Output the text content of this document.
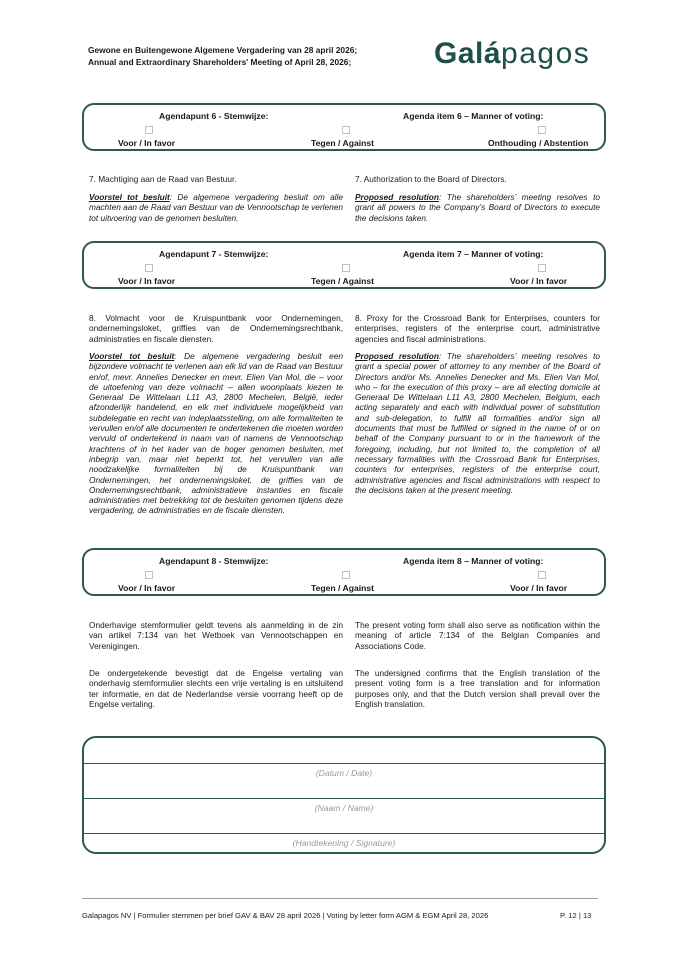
Gewone en Buitengewone Algemene Vergadering van 28 april 2026;
Annual and Extraordinary Shareholders' Meeting of April 28, 2026;	Galápagos
Agendapunt 6 - Stemwijze:	Agenda item 6 – Manner of voting:
Voor / In favor	Tegen / Against	Onthouding / Abstention
7. Machtiging aan de Raad van Bestuur.	7. Authorization to the Board of Directors.
Voorstel tot besluit: De algemene vergadering besluit om alle machten aan de Raad van Bestuur van de Vennootschap te verlenen tot uitvoering van de genomen besluiten.
Proposed resolution: The shareholders’ meeting resolves to grant all powers to the Company’s Board of Directors to execute the decisions taken.
Agendapunt 7 - Stemwijze:	Agenda item 7 – Manner of voting:
Voor / In favor	Tegen / Against	Voor / In favor
8. Volmacht voor de Kruispuntbank voor Ondernemingen, ondernemingsloket, griffies van de Ondernemingsrechtbank, administraties en fiscale diensten.
8. Proxy for the Crossroad Bank for Enterprises, counters for enterprises, registers of the enterprise court, administrative agencies and fiscal administrations.
Voorstel tot besluit: De algemene vergadering besluit een bijzondere volmacht te verlenen aan elk lid van de Raad van Bestuur en/of, mevr. Annelies Denecker en mevr. Elien Van Mol, die – voor de uitoefening van deze volmacht – allen woonplaats kiezen te Generaal De Wittelaan L11 A3, 2800 Mechelen, België, ieder afzonderlijk handelend, en elk met individuele mogelijkheid van subdelegatie en recht van indeplaatsstelling, om alle formaliteiten te vervullen en/of alle documenten te ondertekenen die moeten worden vervuld of ondertekend in naam van of namens de Vennootschap krachtens of in het kader van de hoger genomen besluiten, met inbegrip van, maar niet beperkt tot, het vervullen van alle noodzakelijke formaliteiten bij de Kruispuntbank van Ondernemingen, het ondernemingsloket, de griffies van de Ondernemingsrechtbank, administratieve instanties en fiscale administraties met betrekking tot de besluiten genomen tijdens deze vergadering, de administraties en de fiscale diensten.
Proposed resolution: The shareholders’ meeting resolves to grant a special power of attorney to any member of the Board of Directors and/or Ms. Annelies Denecker and Ms. Elien Van Mol, who – for the execution of this proxy – are all electing domicile at Generaal De Wittelaan L11 A3, 2800 Mechelen, Belgium, each acting separately and each with individual power of substitution and sub-delegation, to fulfill all formalities and/or sign all documents that must be fulfilled or signed in the name of or on behalf of the Company pursuant to or in the framework of the foregoing, including, but not limited to, the completion of all necessary formalities with the Crossroad Bank for Enterprises, counters for enterprises, registers of the enterprise court, administrative agencies and fiscal administrations with respect to the decisions taken at the present meeting.
Agendapunt 8 - Stemwijze:	Agenda item 8 – Manner of voting:
Voor / In favor	Tegen / Against	Voor / In favor
Onderhavige stemformulier geldt tevens als aanmelding in de zin van artikel 7:134 van het Wetboek van Vennootschappen en Verenigingen.
The present voting form shall also serve as notification within the meaning of article 7:134 of the Belgian Companies and Associations Code.
De ondergetekende bevestigt dat de Engelse vertaling van onderhavig stemformulier slechts een vrije vertaling is en uitsluitend ter informatie, en dat de Nederlandse versie voorrang heeft op de Engelse vertaling.
The undersigned confirms that the English translation of the present voting form is a free translation and for information purposes only, and that the Dutch version shall prevail over the English translation.
(Datum / Date)
(Naam / Name)
(Handtekening / Signature)
Galapagos NV | Formulier stemmen per brief GAV & BAV 28 april 2026 | Voting by letter form AGM & EGM April 28, 2026	P. 12 | 13
